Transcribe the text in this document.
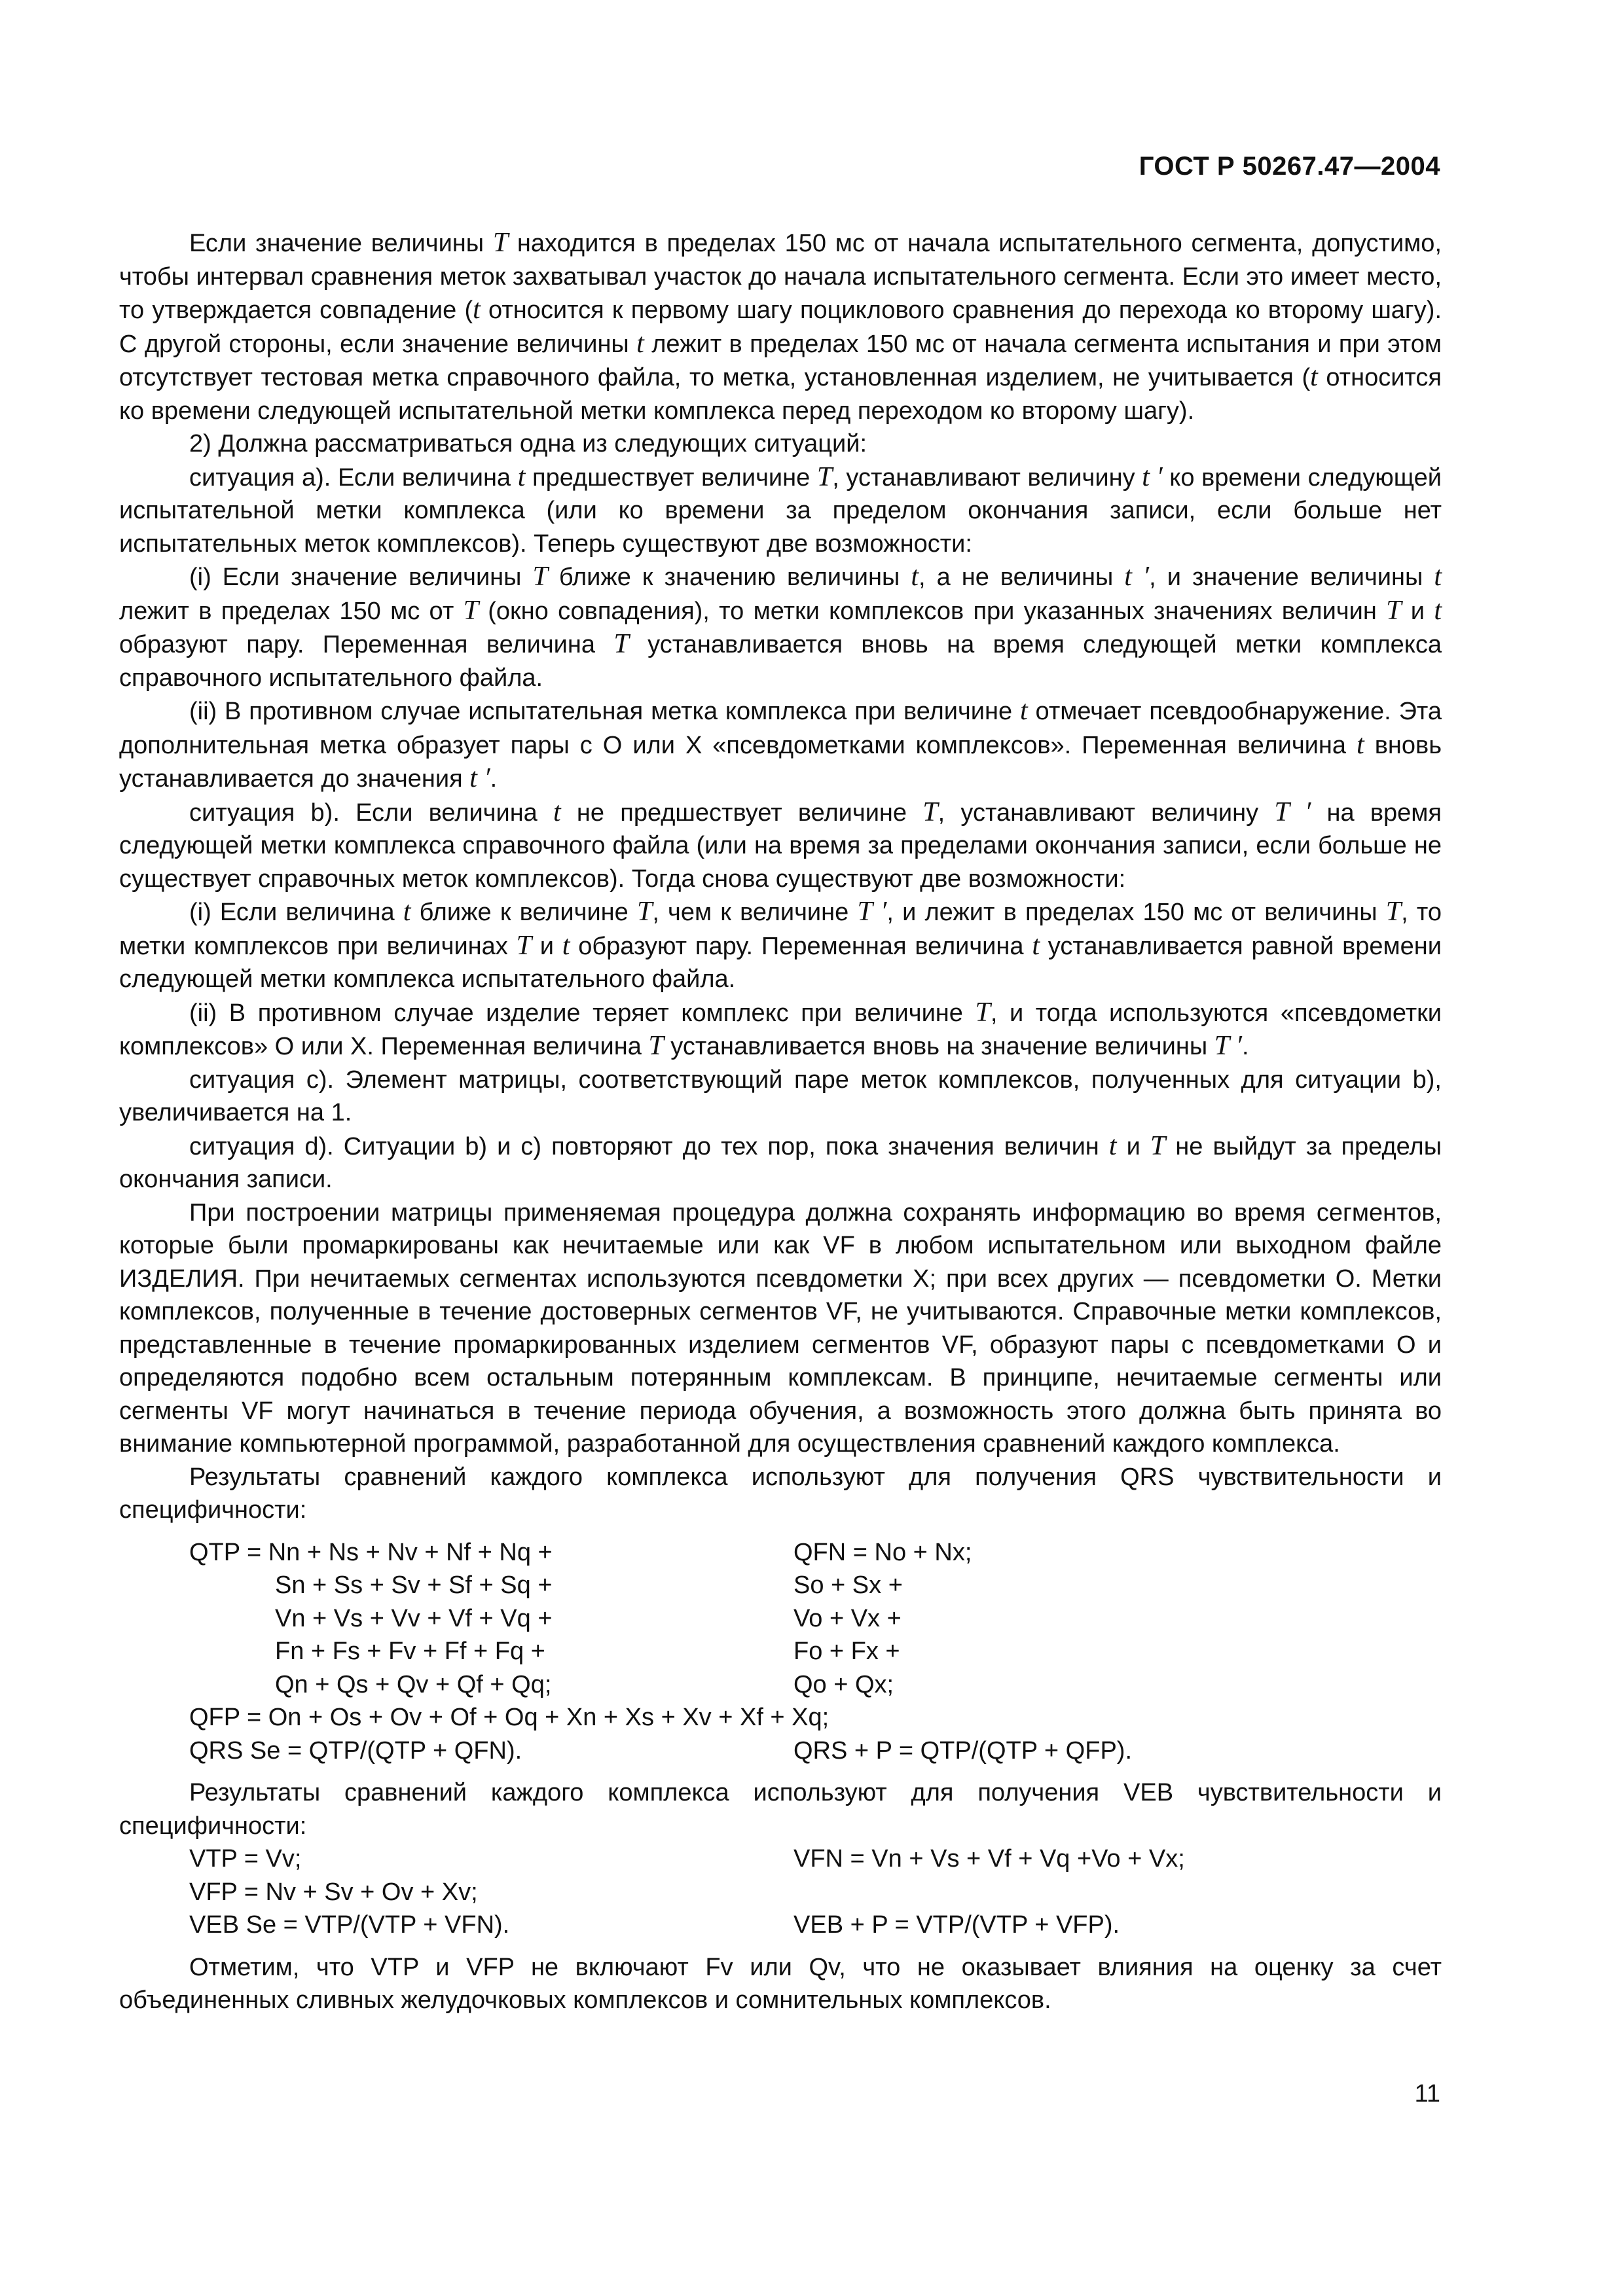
ГОСТ Р 50267.47—2004

Если значение величины T находится в пределах 150 мс от начала испытательного сегмента, допустимо, чтобы интервал сравнения меток захватывал участок до начала испытательного сегмента. Если это имеет место, то утверждается совпадение (t относится к первому шагу поциклового сравнения до перехода ко второму шагу). С другой стороны, если значение величины t лежит в пределах 150 мс от начала сегмента испытания и при этом отсутствует тестовая метка справочного файла, то метка, установленная изделием, не учитывается (t относится ко времени следующей испытательной метки комплекса перед переходом ко второму шагу).

2) Должна рассматриваться одна из следующих ситуаций:

ситуация а). Если величина t предшествует величине T, устанавливают величину t ′ ко времени следующей испытательной метки комплекса (или ко времени за пределом окончания записи, если больше нет испытательных меток комплексов). Теперь существуют две возможности:

(i) Если значение величины T ближе к значению величины t, а не величины t ′, и значение величины t лежит в пределах 150 мс от T (окно совпадения), то метки комплексов при указанных значениях величин T и t образуют пару. Переменная величина T устанавливается вновь на время следующей метки комплекса справочного испытательного файла.

(ii) В противном случае испытательная метка комплекса при величине t отмечает псевдообнаружение. Эта дополнительная метка образует пары с О или X «псевдометками комплексов». Переменная величина t вновь устанавливается до значения t ′.

ситуация b). Если величина t не предшествует величине T, устанавливают величину T ′ на время следующей метки комплекса справочного файла (или на время за пределами окончания записи, если больше не существует справочных меток комплексов). Тогда снова существуют две возможности:

(i) Если величина t ближе к величине T, чем к величине T ′, и лежит в пределах 150 мс от величины T, то метки комплексов при величинах T и t образуют пару. Переменная величина t устанавливается равной времени следующей метки комплекса испытательного файла.

(ii) В противном случае изделие теряет комплекс при величине T, и тогда используются «псевдометки комплексов» О или X. Переменная величина T устанавливается вновь на значение величины T ′.

ситуация с). Элемент матрицы, соответствующий паре меток комплексов, полученных для ситуации b), увеличивается на 1.

ситуация d). Ситуации b) и с) повторяют до тех пор, пока значения величин t и T не выйдут за пределы окончания записи.

При построении матрицы применяемая процедура должна сохранять информацию во время сегментов, которые были промаркированы как нечитаемые или как VF в любом испытательном или выходном файле ИЗДЕЛИЯ. При нечитаемых сегментах используются псевдометки X; при всех других — псевдометки О. Метки комплексов, полученные в течение достоверных сегментов VF, не учитываются. Справочные метки комплексов, представленные в течение промаркированных изделием сегментов VF, образуют пары с псевдометками О и определяются подобно всем остальным потерянным комплексам. В принципе, нечитаемые сегменты или сегменты VF могут начинаться в течение периода обучения, а возможность этого должна быть принята во внимание компьютерной программой, разработанной для осуществления сравнений каждого комплекса.

Результаты сравнений каждого комплекса используют для получения QRS чувствительности и специфичности:

QTP = Nn + Ns + Nv + Nf + Nq +	QFN = No + Nx;
Sn + Ss + Sv + Sf + Sq +	So + Sx +
Vn + Vs + Vv + Vf + Vq +	Vo + Vx +
Fn + Fs + Fv + Ff + Fq +	Fo + Fx +
Qn + Qs + Qv + Qf + Qq;	Qo + Qx;
QFP = On + Os + Ov + Of + Oq + Xn + Xs + Xv + Xf + Xq;
QRS Se = QTP/(QTP + QFN).	QRS + P = QTP/(QTP + QFP).

Результаты сравнений каждого комплекса используют для получения VEB чувствительности и специфичности:

VTP = Vv;	VFN = Vn + Vs + Vf + Vq +Vo + Vx;
VFP = Nv + Sv + Ov + Xv;
VEB Se = VTP/(VTP + VFN).	VEB + P = VTP/(VTP + VFP).

Отметим, что VTP и VFP не включают Fv или Qv, что не оказывает влияния на оценку за счет объединенных сливных желудочковых комплексов и сомнительных комплексов.

11
